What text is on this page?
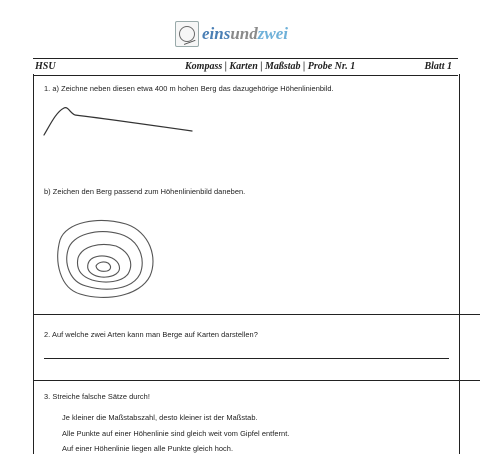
einsundzwei
HSU	Kompass | Karten | Maßstab | Probe Nr. 1	Blatt 1
1. a) Zeichne neben diesen etwa 400 m hohen Berg das dazugehörige Höhenlinienbild.
b) Zeichen den Berg passend zum Höhenlinienbild daneben.
2. Auf welche zwei Arten kann man Berge auf Karten darstellen?
3. Streiche falsche Sätze durch!
Je kleiner die Maßstabszahl, desto kleiner ist der Maßstab.
Alle Punkte auf einer Höhenlinie sind gleich weit vom Gipfel entfernt.
Auf einer Höhenlinie liegen alle Punkte gleich hoch.
